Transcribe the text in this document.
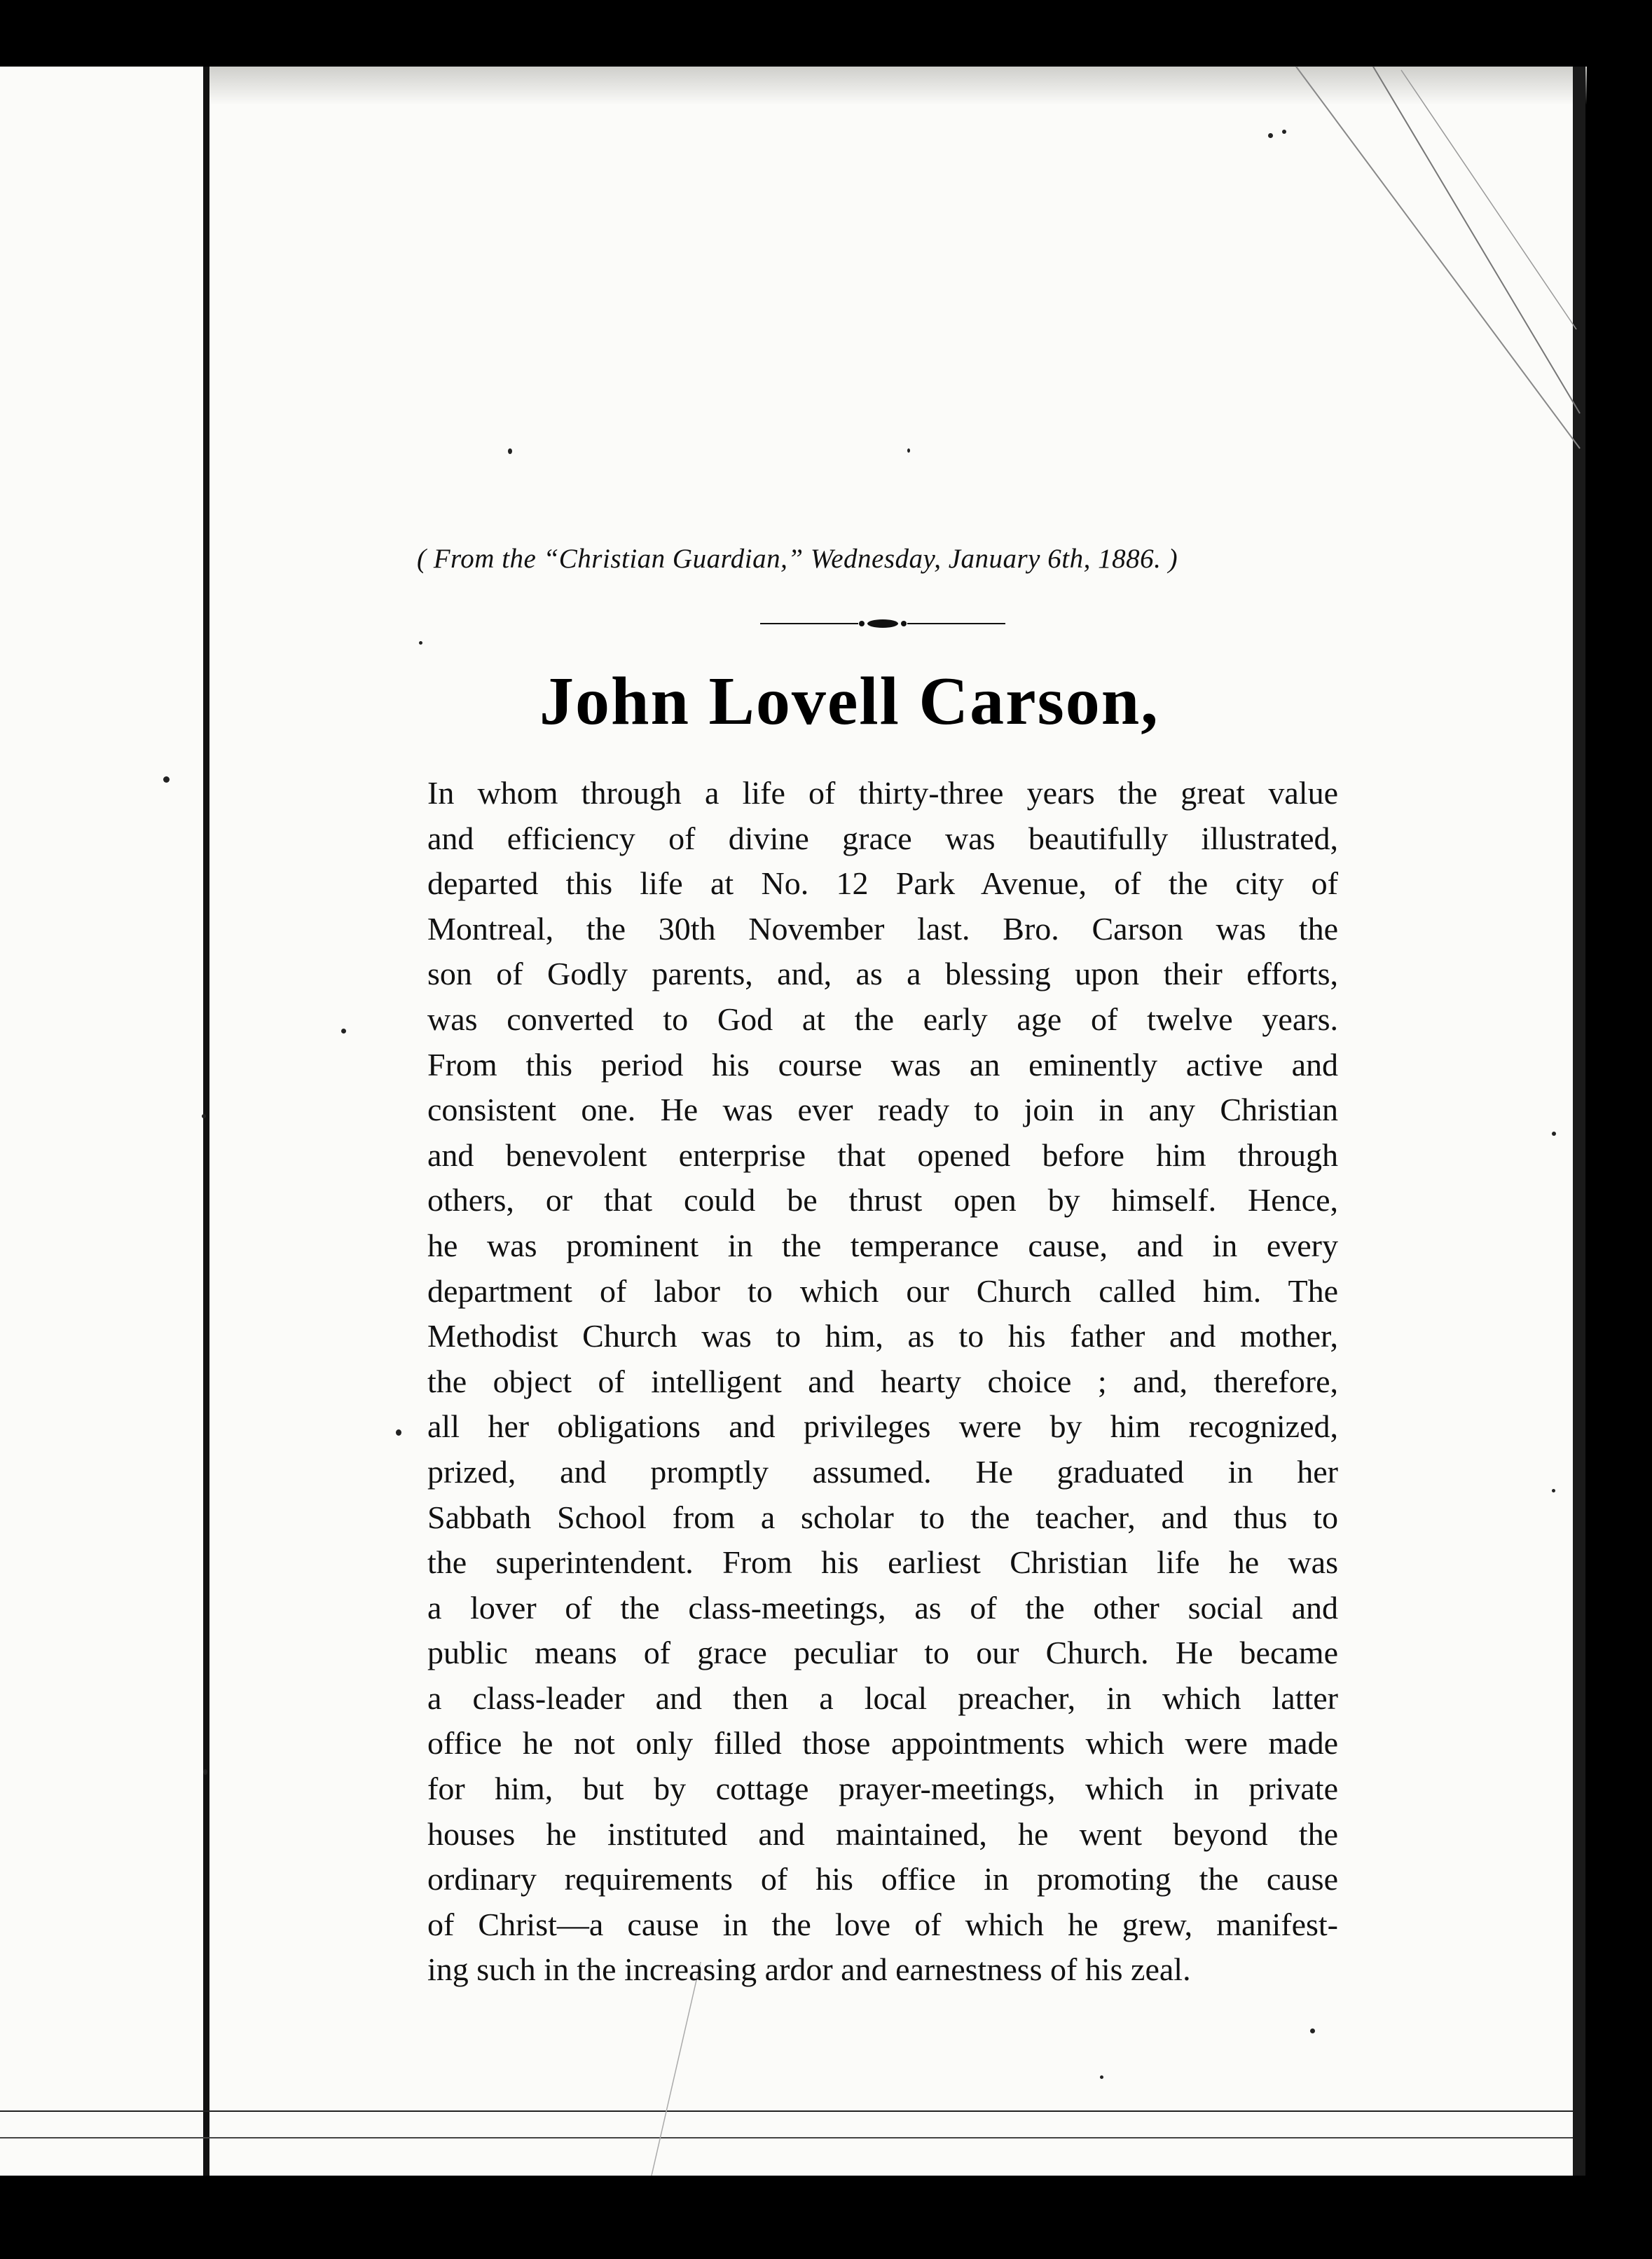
( From the “Christian Guardian,” Wednesday, January 6th, 1886. )
John Lovell Carson,
In whom through a life of thirty-three years the great value
and efficiency of divine grace was beautifully illustrated,
departed this life at No. 12 Park Avenue, of the city of
Montreal, the 30th November last. Bro. Carson was the
son of Godly parents, and, as a blessing upon their efforts,
was converted to God at the early age of twelve years.
From this period his course was an eminently active and
consistent one. He was ever ready to join in any Christian
and benevolent enterprise that opened before him through
others, or that could be thrust open by himself. Hence,
he was prominent in the temperance cause, and in every
department of labor to which our Church called him. The
Methodist Church was to him, as to his father and mother,
the object of intelligent and hearty choice ; and, therefore,
all her obligations and privileges were by him recognized,
prized, and promptly assumed. He graduated in her
Sabbath School from a scholar to the teacher, and thus to
the superintendent. From his earliest Christian life he was
a lover of the class-meetings, as of the other social and
public means of grace peculiar to our Church. He became
a class-leader and then a local preacher, in which latter
office he not only filled those appointments which were made
for him, but by cottage prayer-meetings, which in private
houses he instituted and maintained, he went beyond the
ordinary requirements of his office in promoting the cause
of Christ—a cause in the love of which he grew, manifest-
ing such in the increasing ardor and earnestness of his zeal.
